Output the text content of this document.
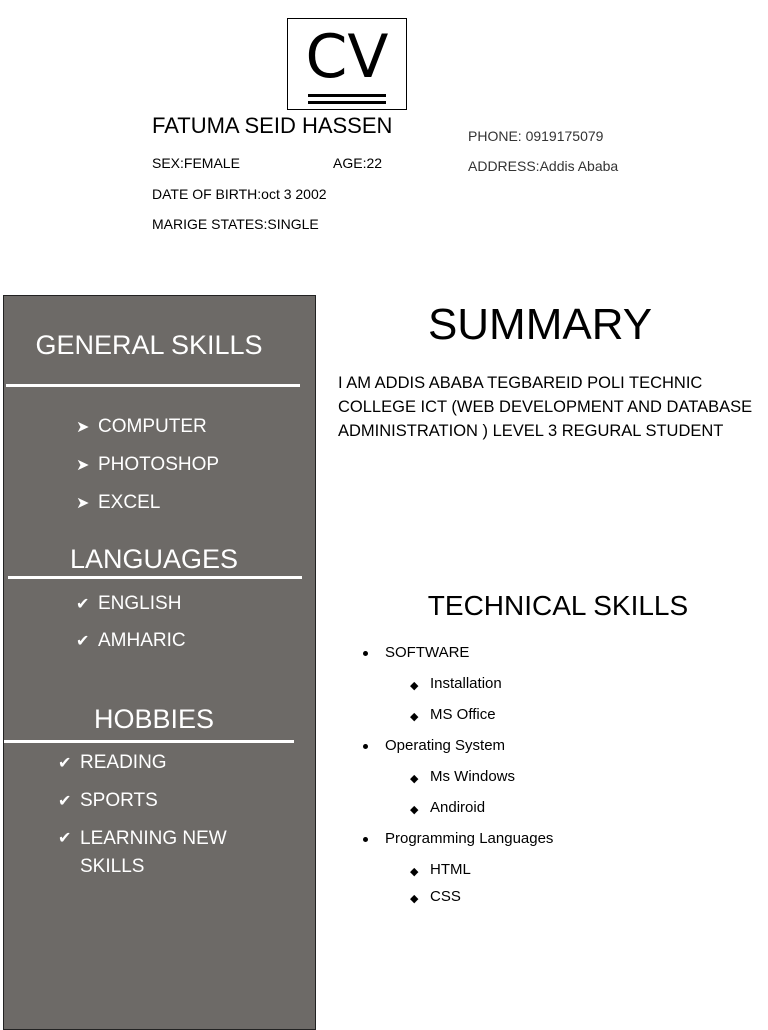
CV
FATUMA SEID HASSEN
SEX:FEMALE	AGE:22
DATE OF BIRTH:oct 3 2002
MARIGE STATES:SINGLE
PHONE: 0919175079
ADDRESS:Addis Ababa
GENERAL SKILLS
➤ COMPUTER
➤ PHOTOSHOP
➤ EXCEL
LANGUAGES
✔ ENGLISH
✔ AMHARIC
HOBBIES
✔ READING
✔ SPORTS
✔ LEARNING NEW SKILLS
SUMMARY
I AM ADDIS ABABA TEGBAREID POLI TECHNIC COLLEGE ICT (WEB DEVELOPMENT AND DATABASE ADMINISTRATION ) LEVEL 3 REGURAL STUDENT
TECHNICAL SKILLS
SOFTWARE
◆ Installation
◆ MS Office
Operating System
◆ Ms Windows
◆ Andiroid
Programming Languages
◆ HTML
◆ CSS
